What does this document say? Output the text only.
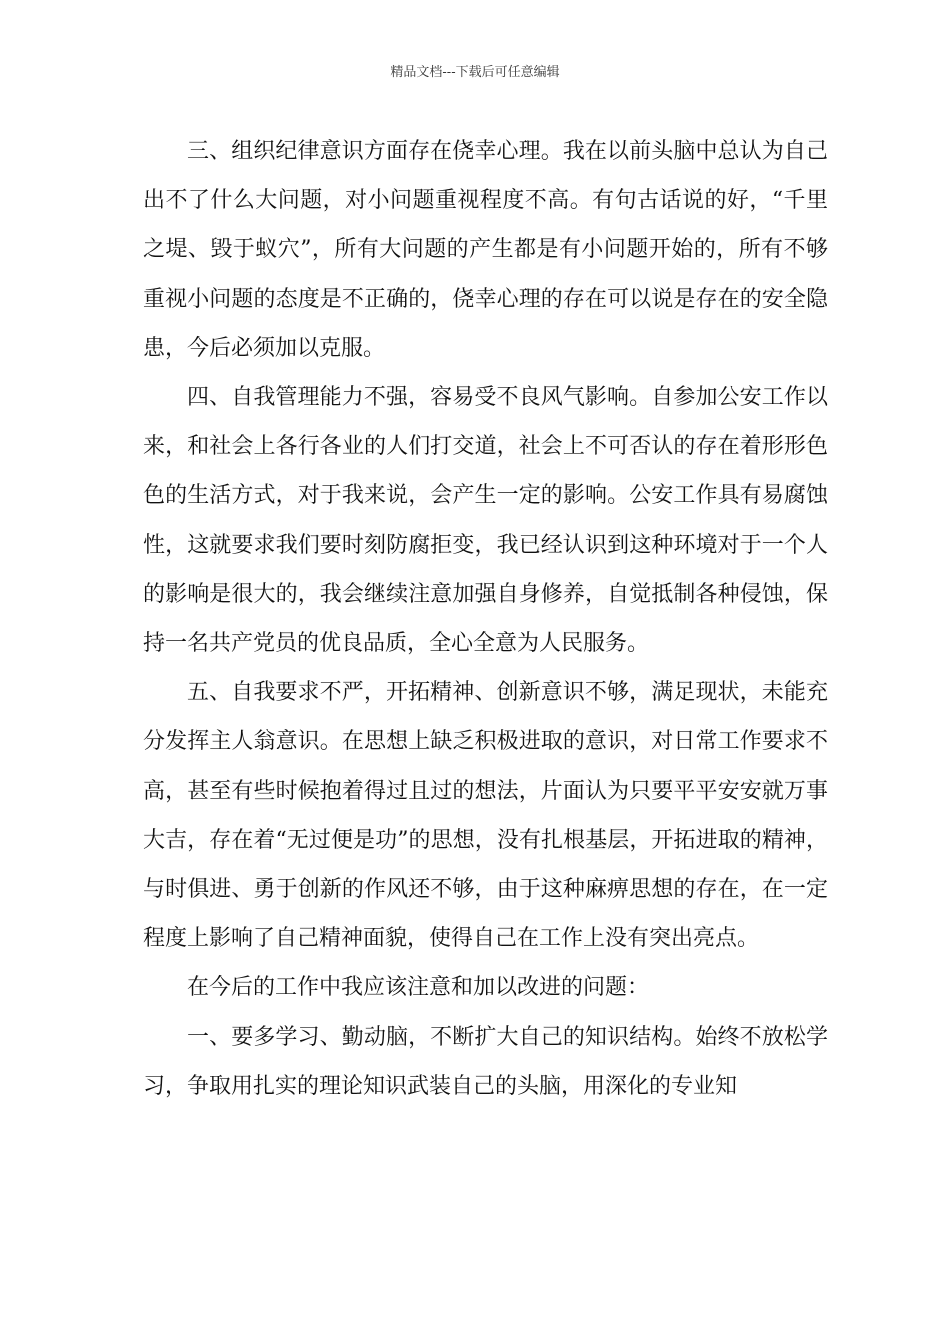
精品文档---下载后可任意编辑

三、组织纪律意识方面存在侥幸心理。我在以前头脑中总认为自己出不了什么大问题，对小问题重视程度不高。有句古话说的好，“千里之堤、毁于蚁穴”，所有大问题的产生都是有小问题开始的，所有不够重视小问题的态度是不正确的，侥幸心理的存在可以说是存在的安全隐患，今后必须加以克服。

四、自我管理能力不强，容易受不良风气影响。自参加公安工作以来，和社会上各行各业的人们打交道，社会上不可否认的存在着形形色色的生活方式，对于我来说，会产生一定的影响。公安工作具有易腐蚀性，这就要求我们要时刻防腐拒变，我已经认识到这种环境对于一个人的影响是很大的，我会继续注意加强自身修养，自觉抵制各种侵蚀，保持一名共产党员的优良品质，全心全意为人民服务。

五、自我要求不严，开拓精神、创新意识不够，满足现状，未能充分发挥主人翁意识。在思想上缺乏积极进取的意识，对日常工作要求不高，甚至有些时候抱着得过且过的想法，片面认为只要平平安安就万事大吉，存在着“无过便是功”的思想，没有扎根基层，开拓进取的精神，与时俱进、勇于创新的作风还不够，由于这种麻痹思想的存在，在一定程度上影响了自己精神面貌，使得自己在工作上没有突出亮点。

在今后的工作中我应该注意和加以改进的问题：

一、要多学习、勤动脑，不断扩大自己的知识结构。始终不放松学习，争取用扎实的理论知识武装自己的头脑，用深化的专业知
